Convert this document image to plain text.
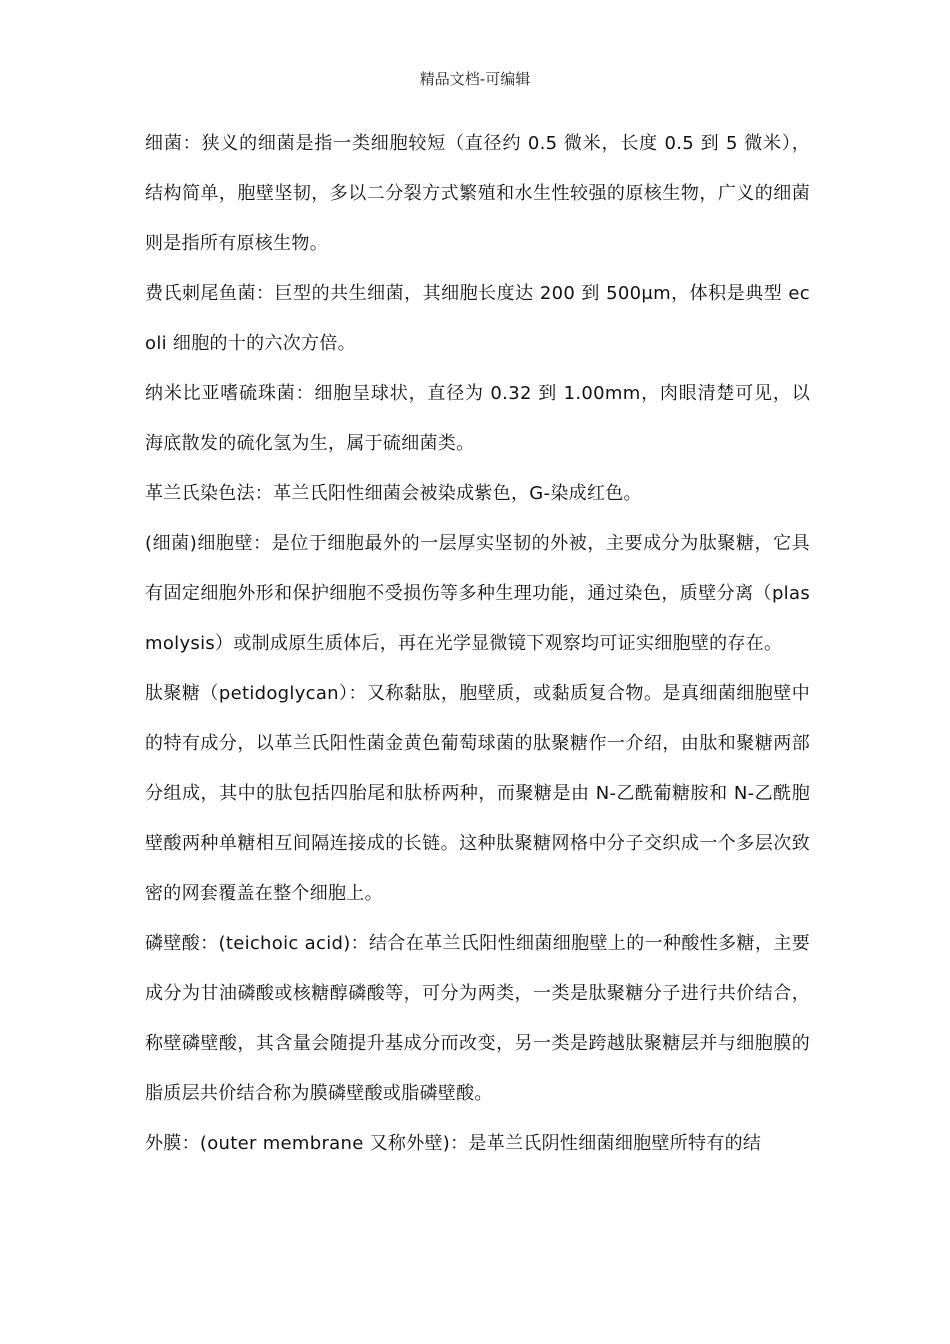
精品文档-可编辑

细菌：狭义的细菌是指一类细胞较短（直径约 0.5 微米，长度 0.5 到 5 微米），结构简单，胞壁坚韧，多以二分裂方式繁殖和水生性较强的原核生物，广义的细菌则是指所有原核生物。

费氏刺尾鱼菌：巨型的共生细菌，其细胞长度达 200 到 500μm，体积是典型 ecoli 细胞的十的六次方倍。

纳米比亚嗜硫珠菌：细胞呈球状，直径为 0.32 到 1.00mm，肉眼清楚可见，以海底散发的硫化氢为生，属于硫细菌类。

革兰氏染色法：革兰氏阳性细菌会被染成紫色，G-染成红色。

(细菌)细胞壁：是位于细胞最外的一层厚实坚韧的外被，主要成分为肽聚糖，它具有固定细胞外形和保护细胞不受损伤等多种生理功能，通过染色，质壁分离（plasmolysis）或制成原生质体后，再在光学显微镜下观察均可证实细胞壁的存在。

肽聚糖（petidoglycan）：又称黏肽，胞壁质，或黏质复合物。是真细菌细胞壁中的特有成分，以革兰氏阳性菌金黄色葡萄球菌的肽聚糖作一介绍，由肽和聚糖两部分组成，其中的肽包括四胎尾和肽桥两种，而聚糖是由 N-乙酰葡糖胺和 N-乙酰胞壁酸两种单糖相互间隔连接成的长链。这种肽聚糖网格中分子交织成一个多层次致密的网套覆盖在整个细胞上。

磷壁酸：(teichoic acid)：结合在革兰氏阳性细菌细胞壁上的一种酸性多糖，主要成分为甘油磷酸或核糖醇磷酸等，可分为两类，一类是肽聚糖分子进行共价结合，称壁磷壁酸，其含量会随提升基成分而改变，另一类是跨越肽聚糖层并与细胞膜的脂质层共价结合称为膜磷壁酸或脂磷壁酸。

外膜：(outer membrane 又称外壁)：是革兰氏阴性细菌细胞壁所特有的结
